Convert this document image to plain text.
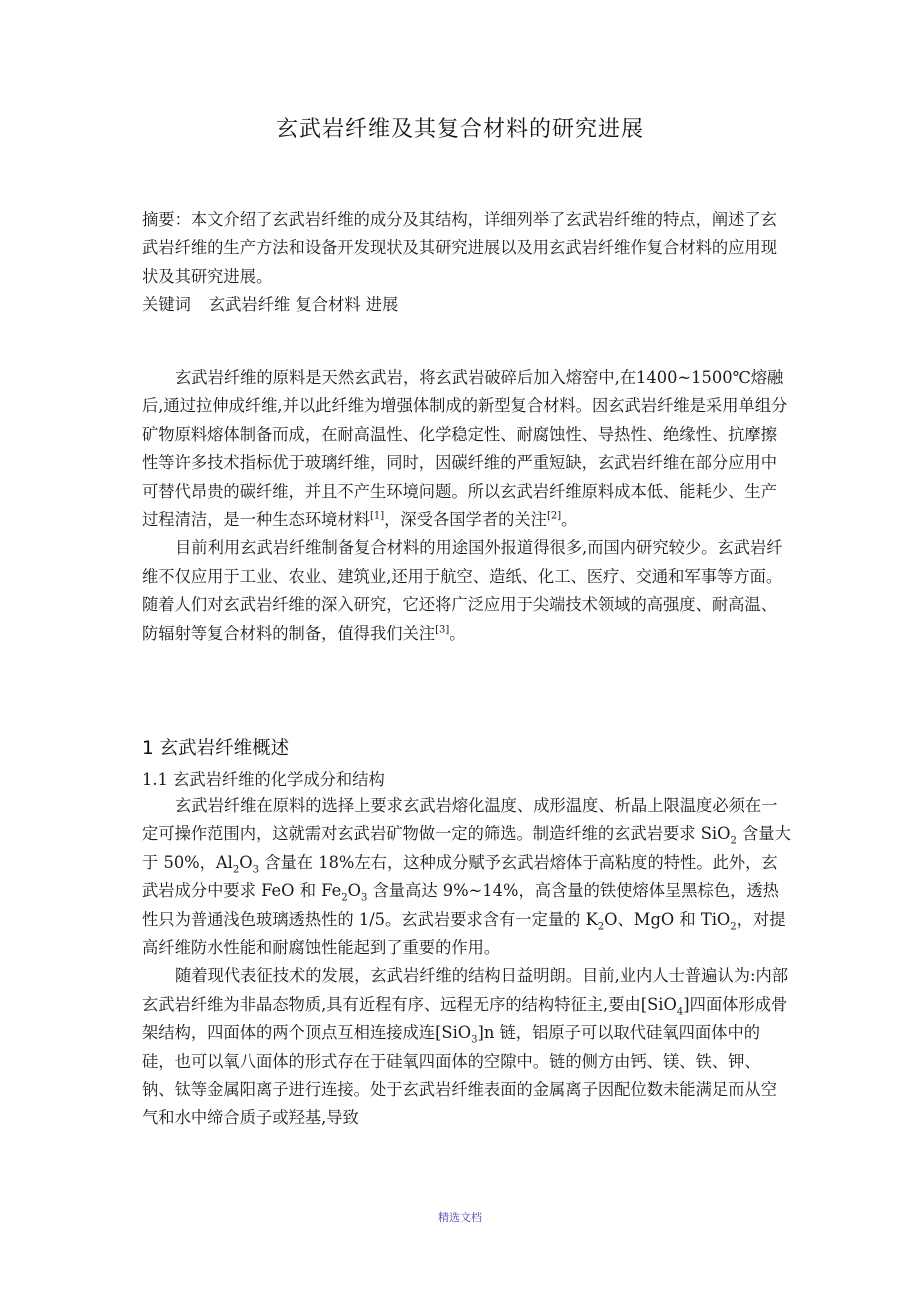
玄武岩纤维及其复合材料的研究进展

摘要：本文介绍了玄武岩纤维的成分及其结构，详细列举了玄武岩纤维的特点，阐述了玄武岩纤维的生产方法和设备开发现状及其研究进展以及用玄武岩纤维作复合材料的应用现状及其研究进展。

关键词 玄武岩纤维 复合材料 进展

玄武岩纤维的原料是天然玄武岩，将玄武岩破碎后加入熔窑中,在1400~1500℃熔融后,通过拉伸成纤维,并以此纤维为增强体制成的新型复合材料。因玄武岩纤维是采用单组分矿物原料熔体制备而成，在耐高温性、化学稳定性、耐腐蚀性、导热性、绝缘性、抗摩擦性等许多技术指标优于玻璃纤维，同时，因碳纤维的严重短缺，玄武岩纤维在部分应用中可替代昂贵的碳纤维，并且不产生环境问题。所以玄武岩纤维原料成本低、能耗少、生产过程清洁，是一种生态环境材料[1]，深受各国学者的关注[2]。

目前利用玄武岩纤维制备复合材料的用途国外报道得很多,而国内研究较少。玄武岩纤维不仅应用于工业、农业、建筑业,还用于航空、造纸、化工、医疗、交通和军事等方面。随着人们对玄武岩纤维的深入研究，它还将广泛应用于尖端技术领域的高强度、耐高温、防辐射等复合材料的制备，值得我们关注[3]。

1 玄武岩纤维概述
1.1 玄武岩纤维的化学成分和结构

玄武岩纤维在原料的选择上要求玄武岩熔化温度、成形温度、析晶上限温度必须在一定可操作范围内，这就需对玄武岩矿物做一定的筛选。制造纤维的玄武岩要求 SiO$_2$ 含量大于 50%，$Al_2O_3$ 含量在 18%左右，这种成分赋予玄武岩熔体于高粘度的特性。此外，玄武岩成分中要求 FeO 和 $Fe_2O_3$ 含量高达 9%~14%，高含量的铁使熔体呈黑棕色，透热性只为普通浅色玻璃透热性的 1/5。玄武岩要求含有一定量的 $K_2O$、MgO 和 TiO$_2$，对提高纤维防水性能和耐腐蚀性能起到了重要的作用。

随着现代表征技术的发展，玄武岩纤维的结构日益明朗。目前,业内人士普遍认为:内部玄武岩纤维为非晶态物质,具有近程有序、远程无序的结构特征主,要由[SiO$_4$]四面体形成骨架结构，四面体的两个顶点互相连接成连[SiO$_3$]n 链，铝原子可以取代硅氧四面体中的硅，也可以氧八面体的形式存在于硅氧四面体的空隙中。链的侧方由钙、镁、铁、钾、钠、钛等金属阳离子进行连接。处于玄武岩纤维表面的金属离子因配位数未能满足而从空气和水中缔合质子或羟基,导致

精选文档
